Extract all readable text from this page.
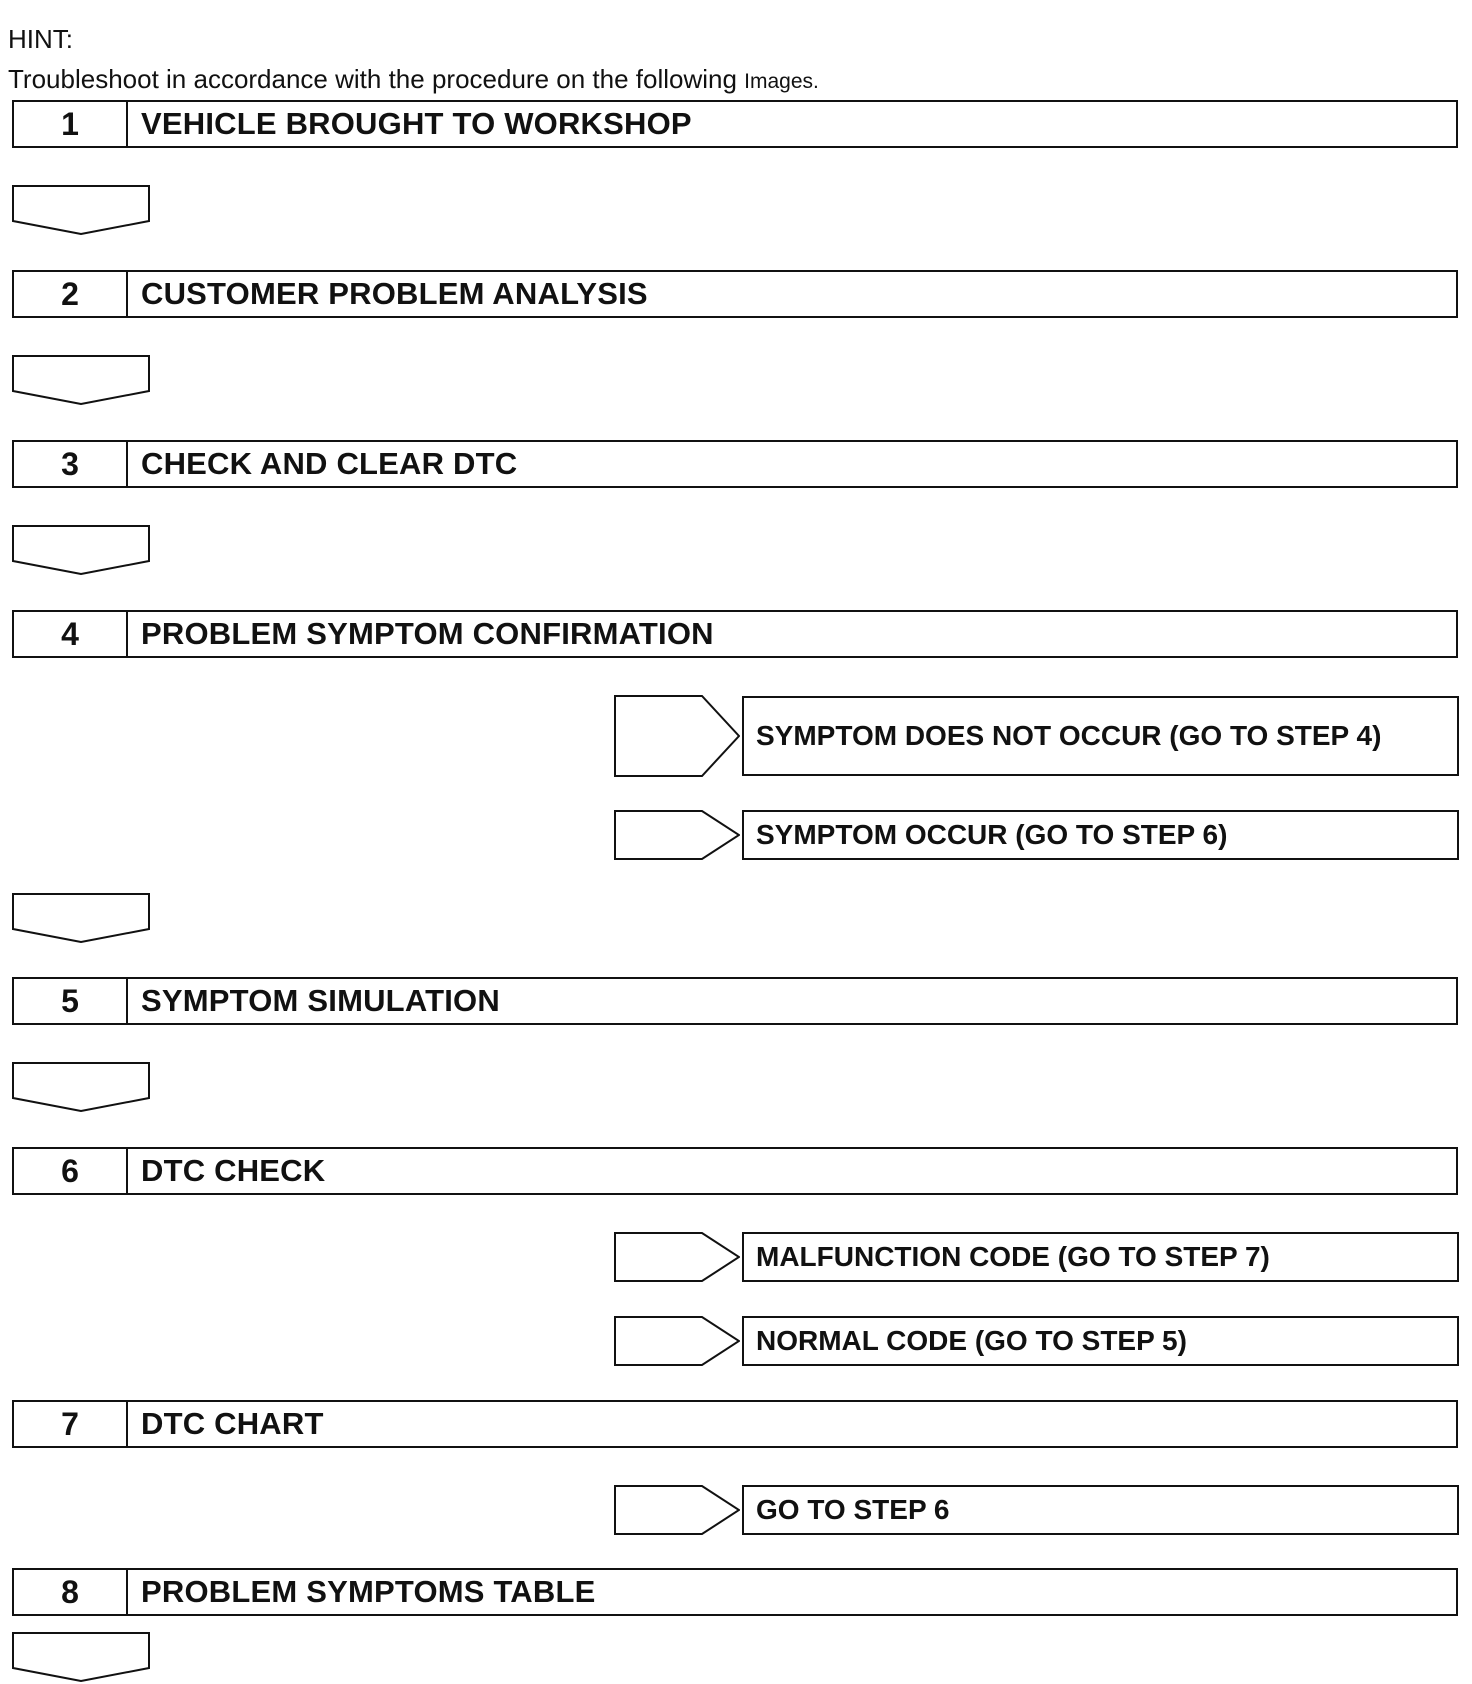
HINT:
Troubleshoot in accordance with the procedure on the following Images.
1	VEHICLE BROUGHT TO WORKSHOP
2	CUSTOMER PROBLEM ANALYSIS
3	CHECK AND CLEAR DTC
4	PROBLEM SYMPTOM CONFIRMATION
SYMPTOM DOES NOT OCCUR (GO TO STEP 4)
SYMPTOM OCCUR (GO TO STEP 6)
5	SYMPTOM SIMULATION
6	DTC CHECK
MALFUNCTION CODE (GO TO STEP 7)
NORMAL CODE (GO TO STEP 5)
7	DTC CHART
GO TO STEP 6
8	PROBLEM SYMPTOMS TABLE
